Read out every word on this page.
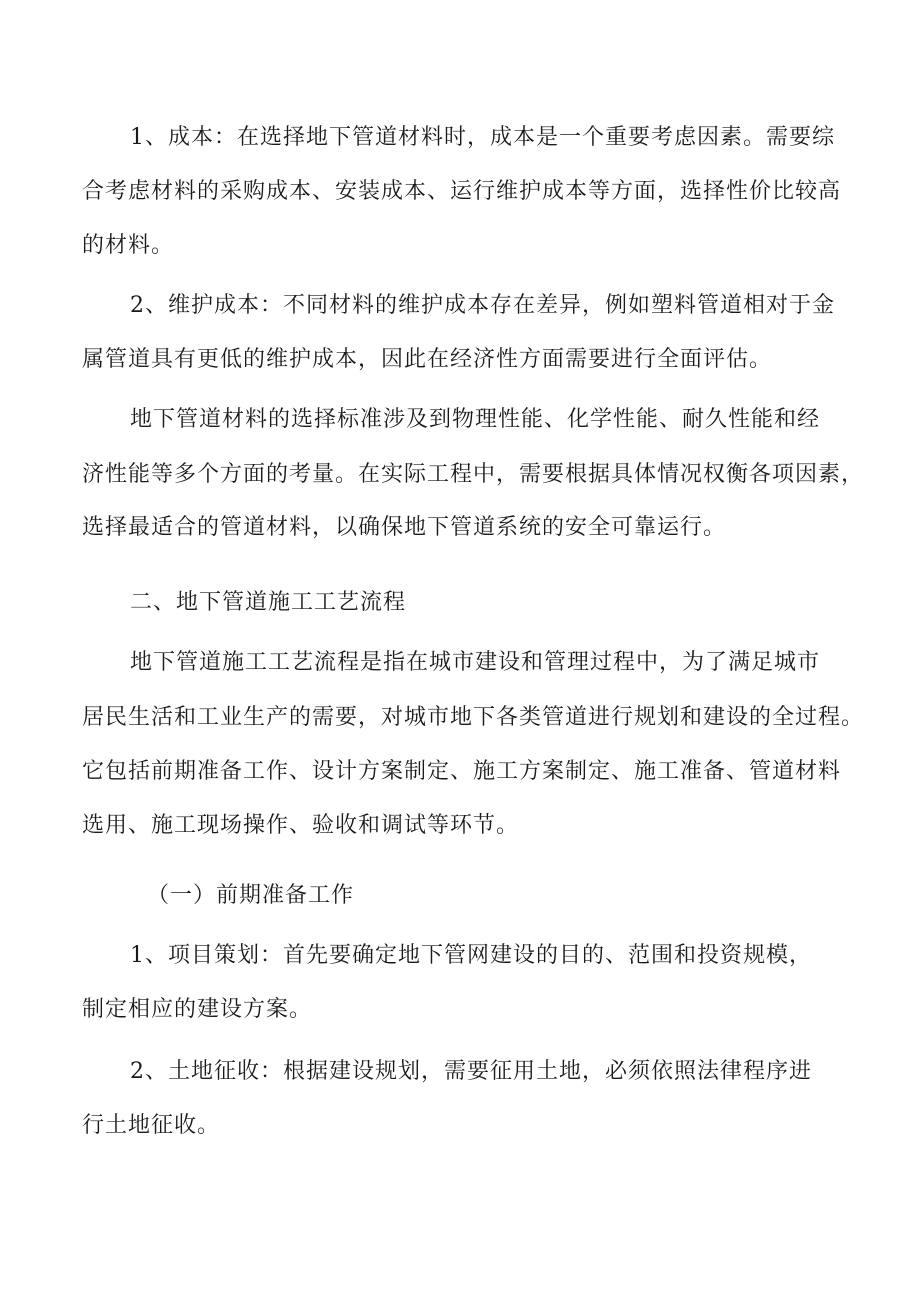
1、成本：在选择地下管道材料时，成本是一个重要考虑因素。需要综
合考虑材料的采购成本、安装成本、运行维护成本等方面，选择性价比较高
的材料。
2、维护成本：不同材料的维护成本存在差异，例如塑料管道相对于金
属管道具有更低的维护成本，因此在经济性方面需要进行全面评估。
地下管道材料的选择标准涉及到物理性能、化学性能、耐久性能和经
济性能等多个方面的考量。在实际工程中，需要根据具体情况权衡各项因素，
选择最适合的管道材料，以确保地下管道系统的安全可靠运行。
二、地下管道施工工艺流程
地下管道施工工艺流程是指在城市建设和管理过程中，为了满足城市
居民生活和工业生产的需要，对城市地下各类管道进行规划和建设的全过程。
它包括前期准备工作、设计方案制定、施工方案制定、施工准备、管道材料
选用、施工现场操作、验收和调试等环节。
（一）前期准备工作
1、项目策划：首先要确定地下管网建设的目的、范围和投资规模，
制定相应的建设方案。
2、土地征收：根据建设规划，需要征用土地，必须依照法律程序进
行土地征收。
